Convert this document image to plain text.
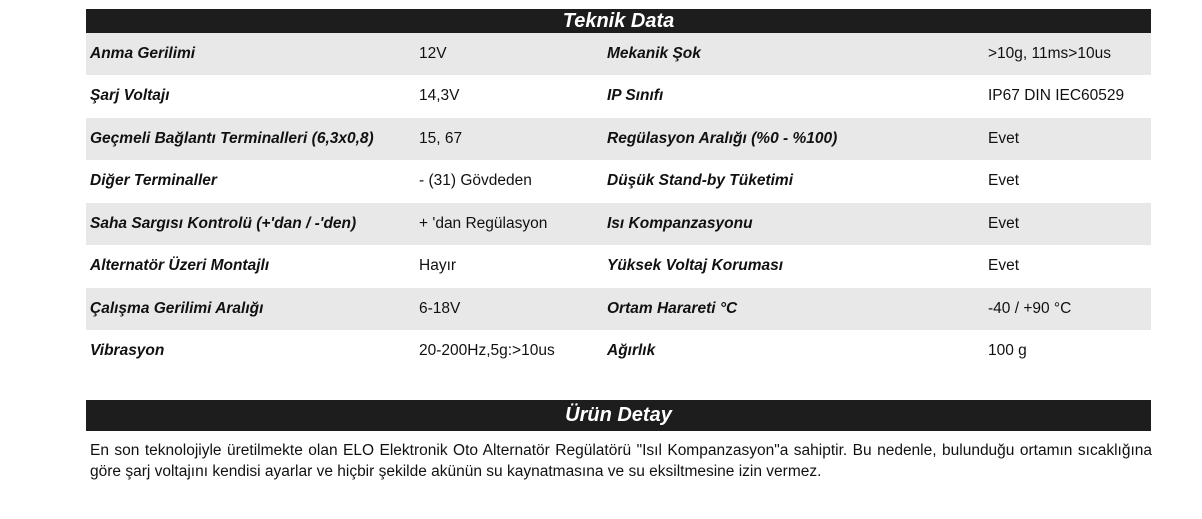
Teknik Data
Anma Gerilimi	12V	Mekanik Şok	>10g, 11ms>10us
Şarj Voltajı	14,3V	IP Sınıfı	IP67 DIN IEC60529
Geçmeli Bağlantı Terminalleri (6,3x0,8)	15, 67	Regülasyon Aralığı (%0 - %100)	Evet
Diğer Terminaller	- (31) Gövdeden	Düşük Stand-by Tüketimi	Evet
Saha Sargısı Kontrolü (+'dan / -'den)	+ 'dan Regülasyon	Isı Kompanzasyonu	Evet
Alternatör Üzeri Montajlı	Hayır	Yüksek Voltaj Koruması	Evet
Çalışma Gerilimi Aralığı	6-18V	Ortam Harareti °C	-40 / +90 °C
Vibrasyon	20-200Hz,5g:>10us	Ağırlık	100 g
Ürün Detay
En son teknolojiyle üretilmekte olan ELO Elektronik Oto Alternatör Regülatörü "Isıl Kompanzasyon"a sahiptir. Bu nedenle, bulunduğu ortamın sıcaklığına göre şarj voltajını kendisi ayarlar ve hiçbir şekilde akünün su kaynatmasına ve su eksiltmesine izin vermez.
